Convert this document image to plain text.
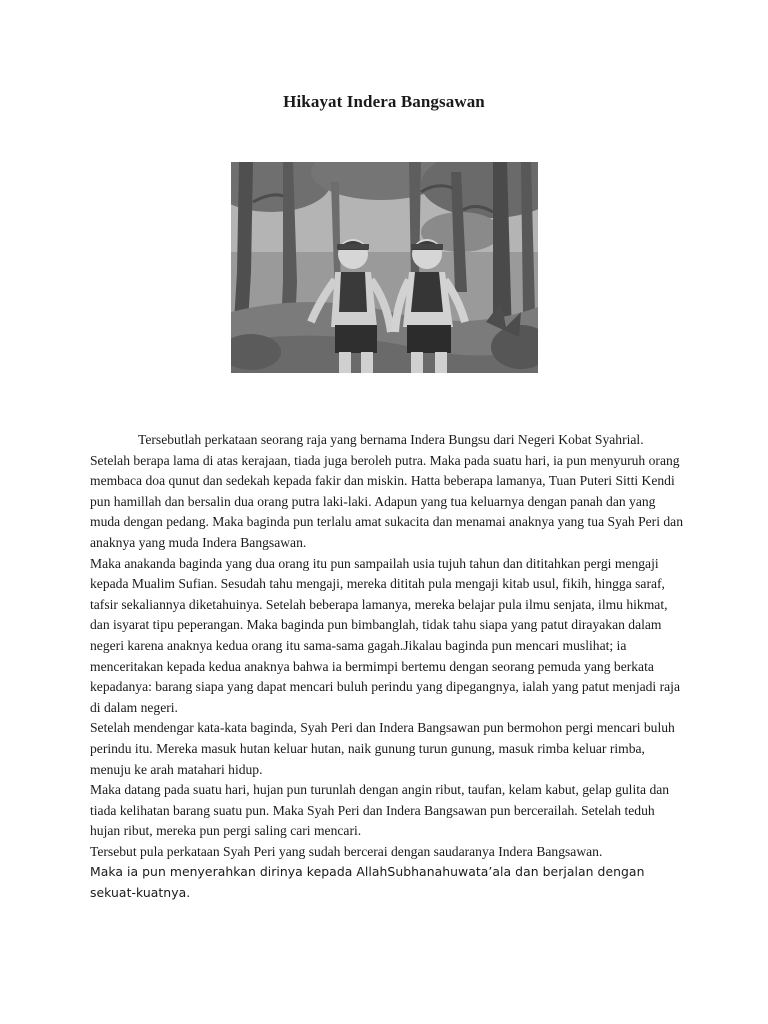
Hikayat Indera Bangsawan

Tersebutlah perkataan seorang raja yang bernama Indera Bungsu dari Negeri Kobat Syahrial. Setelah berapa lama di atas kerajaan, tiada juga beroleh putra. Maka pada suatu hari, ia pun menyuruh orang membaca doa qunut dan sedekah kepada fakir dan miskin. Hatta beberapa lamanya, Tuan Puteri Sitti Kendi pun hamillah dan bersalin dua orang putra laki-laki. Adapun yang tua keluarnya dengan panah dan yang muda dengan pedang. Maka baginda pun terlalu amat sukacita dan menamai anaknya yang tua Syah Peri dan anaknya yang muda Indera Bangsawan.

Maka anakanda baginda yang dua orang itu pun sampailah usia tujuh tahun dan dititahkan pergi mengaji kepada Mualim Sufian. Sesudah tahu mengaji, mereka dititah pula mengaji kitab usul, fikih, hingga saraf, tafsir sekaliannya diketahuinya. Setelah beberapa lamanya, mereka belajar pula ilmu senjata, ilmu hikmat, dan isyarat tipu peperangan. Maka baginda pun bimbanglah, tidak tahu siapa yang patut dirayakan dalam negeri karena anaknya kedua orang itu sama-sama gagah.Jikalau baginda pun mencari muslihat; ia menceritakan kepada kedua anaknya bahwa ia bermimpi bertemu dengan seorang pemuda yang berkata kepadanya: barang siapa yang dapat mencari buluh perindu yang dipegangnya, ialah yang patut menjadi raja di dalam negeri.

Setelah mendengar kata-kata baginda, Syah Peri dan Indera Bangsawan pun bermohon pergi mencari buluh perindu itu. Mereka masuk hutan keluar hutan, naik gunung turun gunung, masuk rimba keluar rimba, menuju ke arah matahari hidup.

Maka datang pada suatu hari, hujan pun turunlah dengan angin ribut, taufan, kelam kabut, gelap gulita dan tiada kelihatan barang suatu pun. Maka Syah Peri dan Indera Bangsawan pun bercerailah. Setelah teduh hujan ribut, mereka pun pergi saling cari mencari.

Tersebut pula perkataan Syah Peri yang sudah bercerai dengan saudaranya Indera Bangsawan.

Maka ia pun menyerahkan dirinya kepada AllahSubhanahuwata’ala dan berjalan dengan sekuat-kuatnya.
